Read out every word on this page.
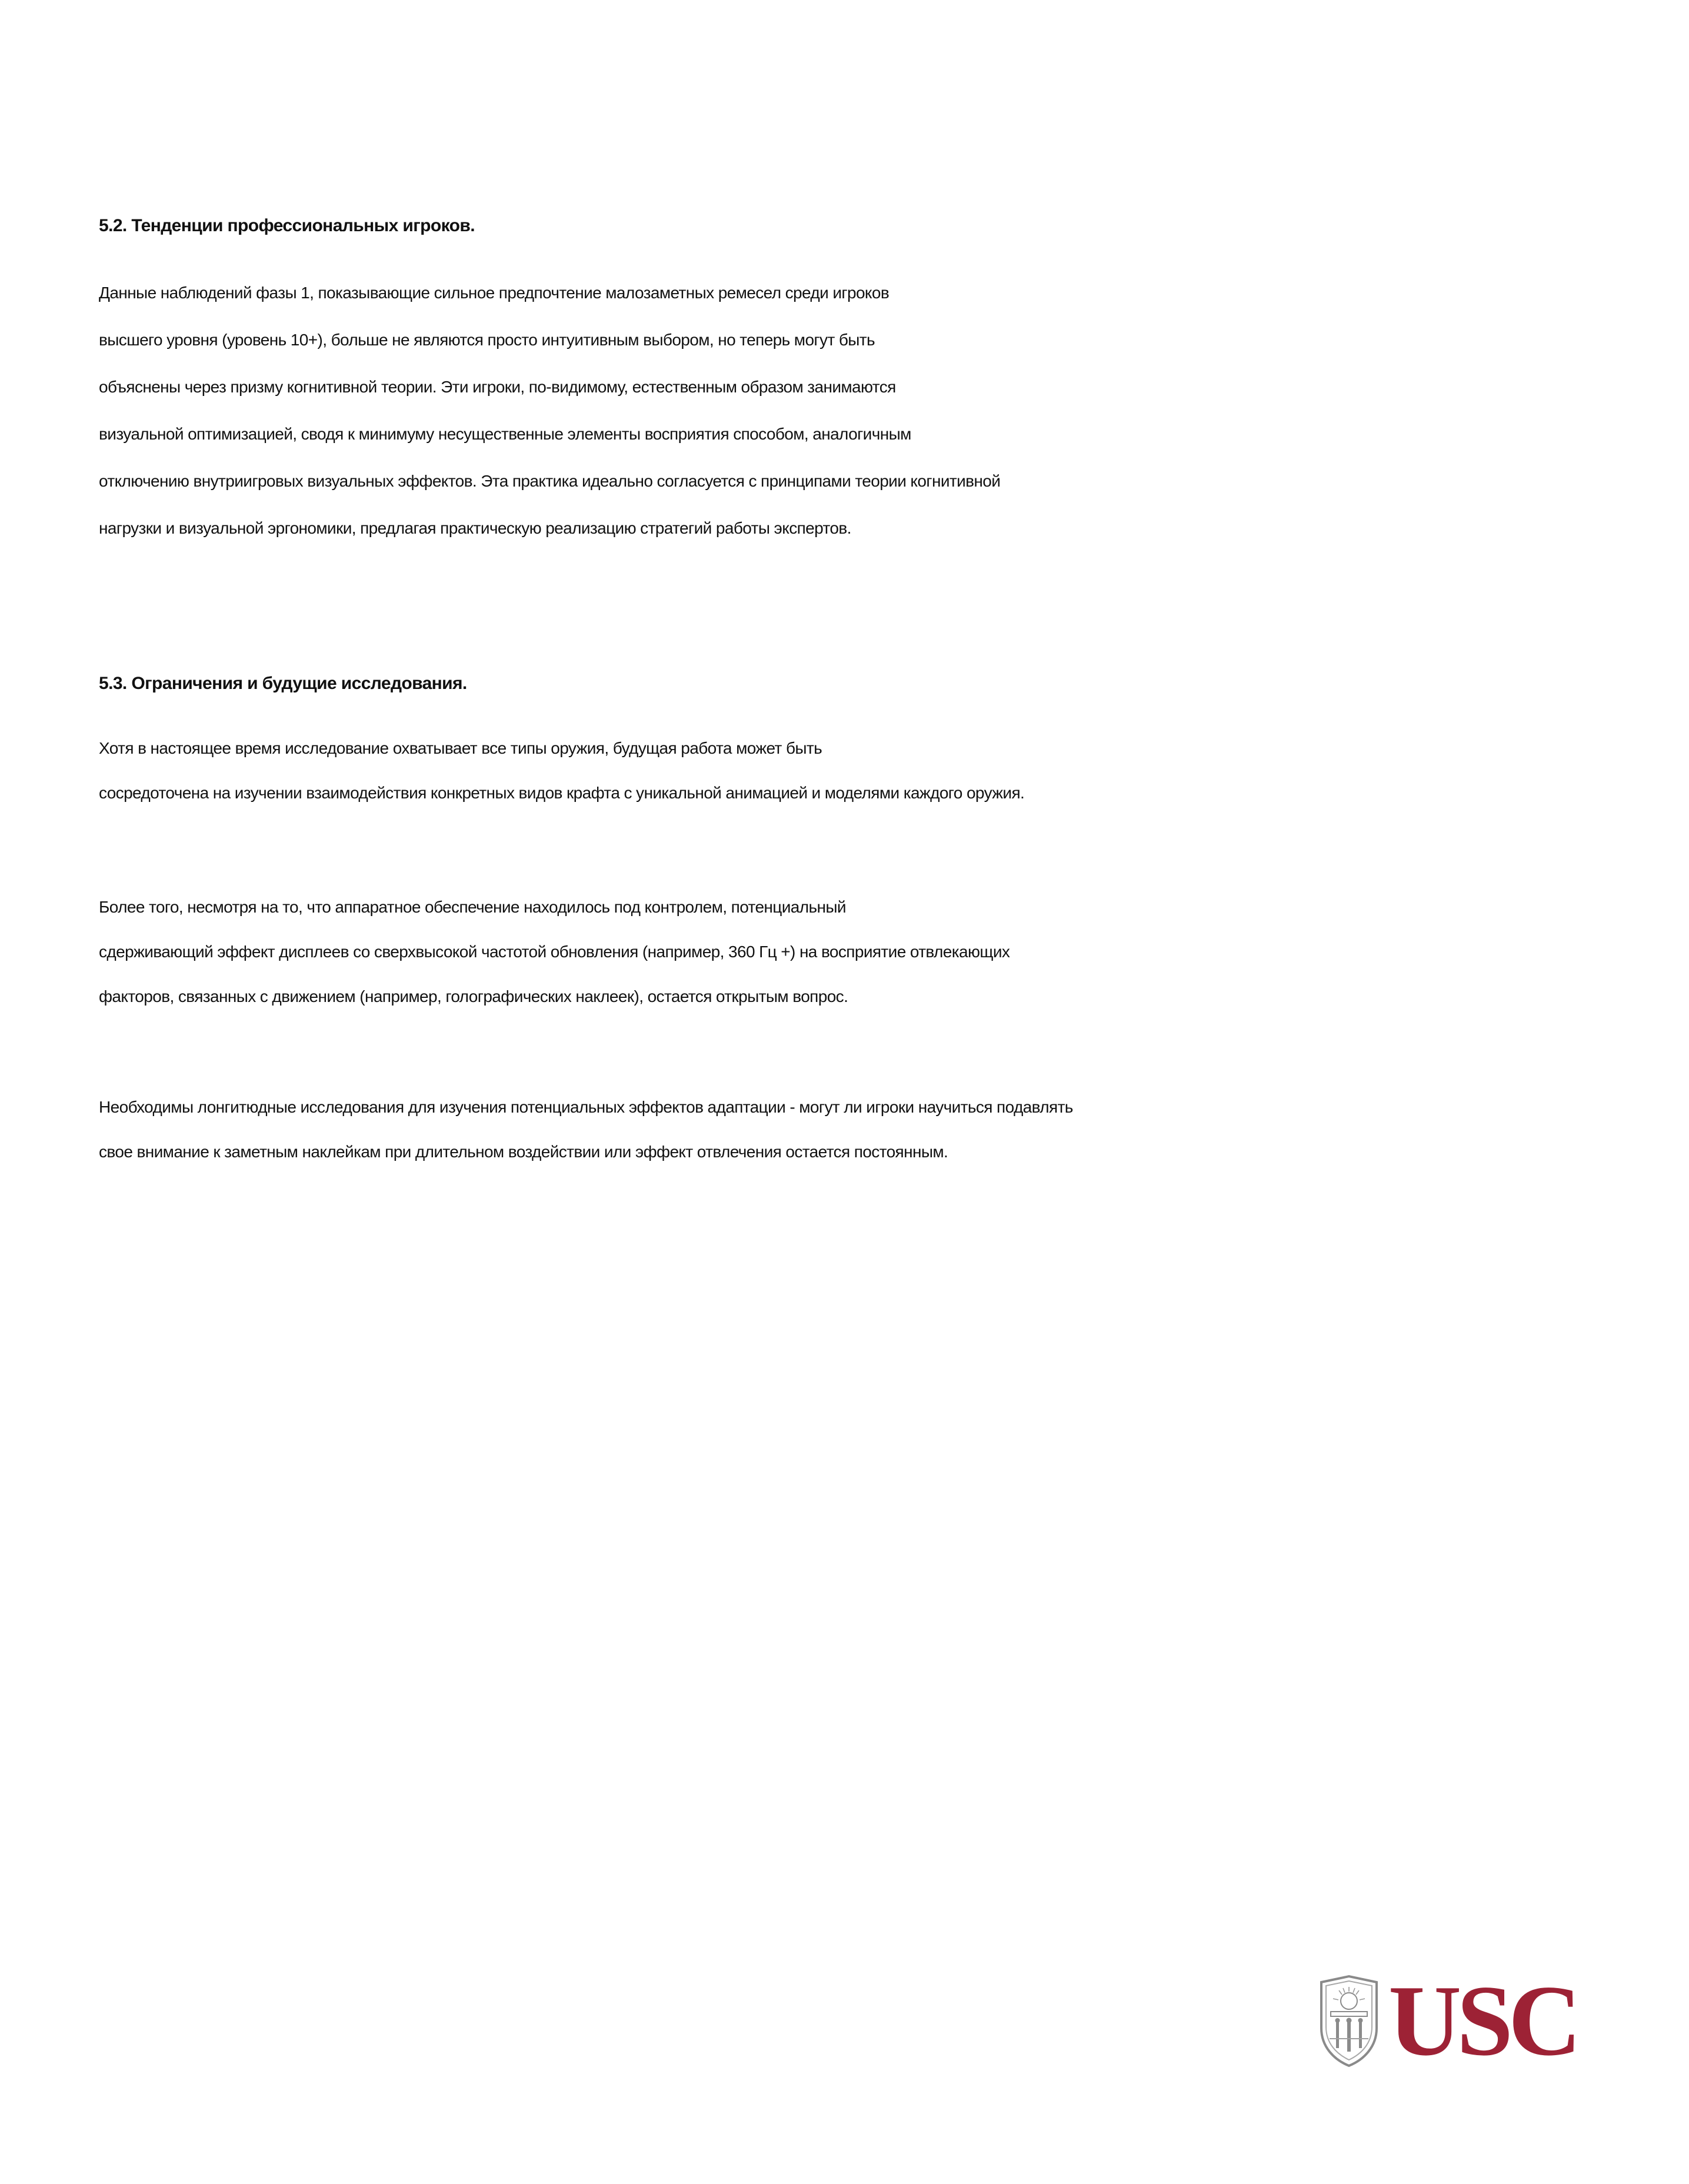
5.2. Тенденции профессиональных игроков.

Данные наблюдений фазы 1, показывающие сильное предпочтение малозаметных ремесел среди игроков
высшего уровня (уровень 10+), больше не являются просто интуитивным выбором, но теперь могут быть
объяснены через призму когнитивной теории. Эти игроки, по-видимому, естественным образом занимаются
визуальной оптимизацией, сводя к минимуму несущественные элементы восприятия способом, аналогичным
отключению внутриигровых визуальных эффектов. Эта практика идеально согласуется с принципами теории когнитивной
нагрузки и визуальной эргономики, предлагая практическую реализацию стратегий работы экспертов.

5.3. Ограничения и будущие исследования.

Хотя в настоящее время исследование охватывает все типы оружия, будущая работа может быть
сосредоточена на изучении взаимодействия конкретных видов крафта с уникальной анимацией и моделями каждого оружия.

Более того, несмотря на то, что аппаратное обеспечение находилось под контролем, потенциальный
сдерживающий эффект дисплеев со сверхвысокой частотой обновления (например, 360 Гц +) на восприятие отвлекающих
факторов, связанных с движением (например, голографических наклеек), остается открытым вопрос.

Необходимы лонгитюдные исследования для изучения потенциальных эффектов адаптации - могут ли игроки научиться подавлять
свое внимание к заметным наклейкам при длительном воздействии или эффект отвлечения остается постоянным.

USC
